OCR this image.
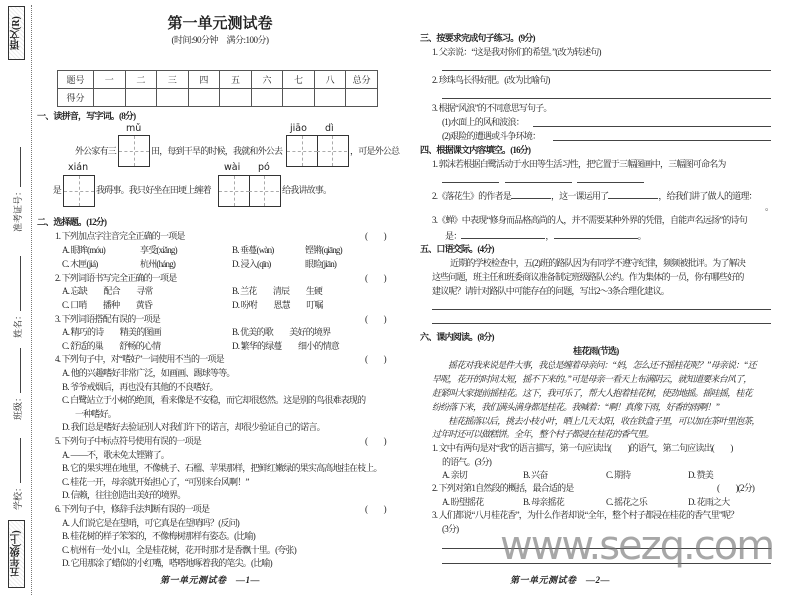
语文(R)
五年级(上)
准考证号：
姓名：
班级：
学校：
第一单元测试卷
(时间:90分钟　满分:100分)
题号	一	二	三	四	五	六	七	八	总分
得分									
一、读拼音，写字词。(8分)
mǔ	jiāo dì
外公家有三	田，每到干旱的时候，我就和外公去	，可是外公总
xián	wài pó
是	我碍事。我只好坐在田埂上缠着	给我讲故事。
二、选择题。(12分)
1. 下列加点字注音完全正确的一项是	(　　)
A. 眼眸(móu)	享受(xiǎng)	B. 垂蔓(wàn)	铿锵(qiāng)
C. 木匣(jiá)	杭州(háng)	D. 浸入(qīn)	眼睑(jiān)
2. 下列词语书写完全正确的一项是	(　　)
A. 忘缺　　配合　　寻常	B. 兰花　　清辰　　生硬
C. 口哨　　播种　　黄昏	D. 吩咐　　恩慧　　叮嘱
3. 下列词语搭配有误的一项是	(　　)
A. 精巧的诗　　精美的图画	B. 优美的歌　　美好的境界
C. 舒适的巢　　舒畅的心情	D. 繁华的绿蔓　　细小的情意
4. 下列句子中，对“嗜好”一词使用不当的一项是	(　　)
A. 他的兴趣嗜好非常广泛，如画画、踢球等等。
B. 爷爷戒烟后，再也没有其他的不良嗜好。
C. 白鹭站立于小树的绝顶，看来像是不安稳，而它却很悠然。这是别的鸟很难表现的
一种嗜好。
D. 我们总是嗜好去验证别人对我们许下的诺言，却很少验证自己的诺言。
5. 下列句子中标点符号使用有误的一项是	(　　)
A. ——不，歌未免太铿锵了。
B. 它的果实埋在地里，不像桃子、石榴、苹果那样，把鲜红嫩绿的果实高高地挂在枝上。
C. 桂花一开，母亲就开始担心了，“可别来台风啊！”
D. 信赖，往往创造出美好的境界。
6. 下列句子中，修辞手法判断有误的一项是	(　　)
A. 人们说它是在望哨，可它真是在望哨吗？(反问)
B. 桂花树的样子笨笨的，不像梅树那样有姿态。(比喻)
C. 杭州有一处小山，全是桂花树，花开时那才是香飘十里。(夸张)
D. 它用那涂了蜡似的小红嘴，嗒嗒地啄着我的笔尖。(比喻)
第一单元测试卷　—1—
三、按要求完成句子练习。(9分)
1. 父亲说：“这是我对你们的希望。”(改为转述句)
2. 珍珠鸟长得好肥。(改为比喻句)
3. 根据“风浪”的不同意思写句子。
(1)水面上的风和波浪：
(2)艰险的遭遇或斗争环境：
四、根据课文内容填空。(16分)
1. 郭沫若根据白鹭活动于水田等生活习性，把它置于三幅图画中，三幅图可命名为
2.《落花生》的作者是	，这一课运用了	，给我们讲了做人的道理：
。
3.《蝉》中表现“修身而品格高尚的人，并不需要某种外界的凭借，自能声名远扬”的诗句
是：	，	。
五、口语交际。(4分)
近期的学校检查中，五(2)班的路队因为有同学不遵守纪律，频频被批评。为了解决
这些问题，班主任和班委商议准备制定班级路队公约。作为集体的一员，你有哪些好的
建议呢？请针对路队中可能存在的问题，写出2～3条合理化建议。
六、课内阅读。(8分)
桂花雨(节选)
摇花对我来说是件大事，我总是缠着母亲问：“妈，怎么还不摇桂花呢？”母亲说：“还
早呢，花开的时间太短，摇不下来的。”可是母亲一看天上布满阴云，就知道要来台风了，
赶紧叫大家提前摇桂花。这下，我可乐了，帮大人抱着桂花树，使劲地摇。摇哇摇，桂花
纷纷落下来，我们满头满身都是桂花。我喊着：“啊！真像下雨，好香的雨啊！”
桂花摇落以后，挑去小枝小叶，晒上几天太阳，收在铁盒子里，可以加在茶叶里泡茶，
过年时还可以做糕饼。全年，整个村子都浸在桂花的香气里。
1. 文中有两句是对“我”的语言描写，第一句应读出(　　)的语气，第二句应读出(　　)
的语气。(3分)
A. 亲切	B. 兴奋	C. 期待	D. 赞美
2. 下列对第1自然段的概括，最合适的是	(　　)(2分)
A. 盼望摇花	B. 母亲摇花	C. 摇花之乐	D. 花雨之大
3. 人们都说“八月桂花香”，为什么作者却说“全年，整个村子都浸在桂花的香气里”呢？
(3分)
第一单元测试卷　—2—
www.sezq.com
